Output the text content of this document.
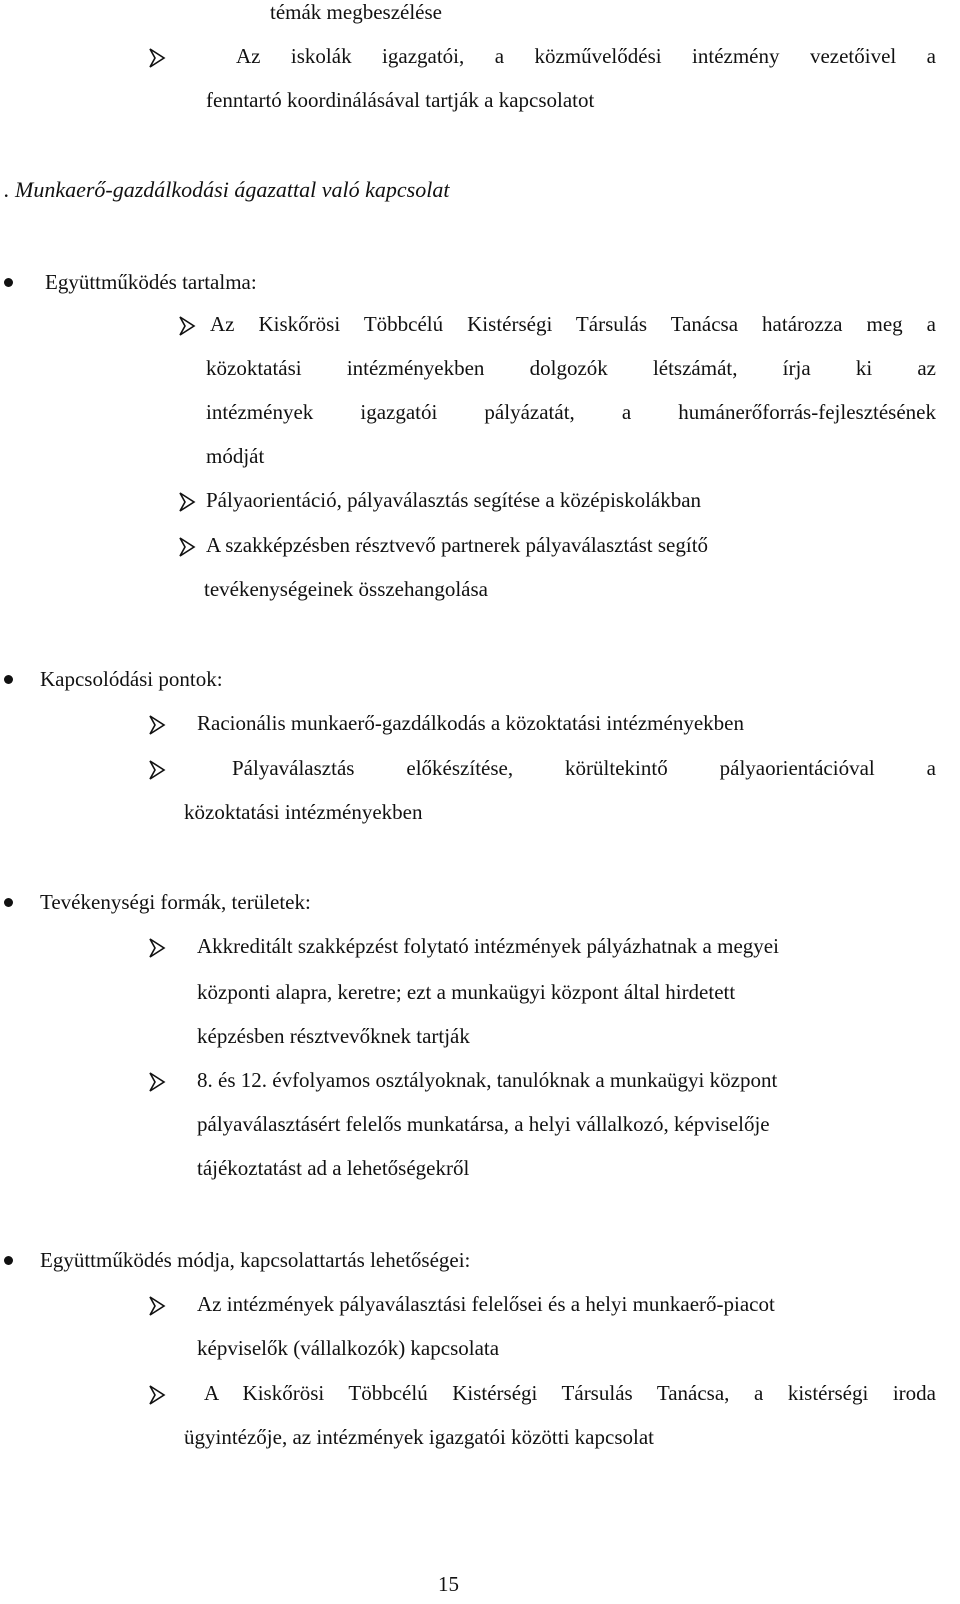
témák megbeszélése
Az iskolák igazgatói, a közművelődési intézmény vezetőivel a
fenntartó koordinálásával tartják a kapcsolatot
. Munkaerő-gazdálkodási ágazattal való kapcsolat
Együttműködés tartalma:
Az Kiskőrösi Többcélú Kistérségi Társulás Tanácsa határozza meg a
közoktatási intézményekben dolgozók létszámát, írja ki az
intézmények igazgatói pályázatát, a humánerőforrás-fejlesztésének
módját
Pályaorientáció, pályaválasztás segítése a középiskolákban
A szakképzésben résztvevő partnerek pályaválasztást segítő
tevékenységeinek összehangolása
Kapcsolódási pontok:
Racionális munkaerő-gazdálkodás a közoktatási intézményekben
Pályaválasztás előkészítése, körültekintő pályaorientációval a
közoktatási intézményekben
Tevékenységi formák, területek:
Akkreditált szakképzést folytató intézmények pályázhatnak a megyei
központi alapra, keretre; ezt a munkaügyi központ által hirdetett
képzésben résztvevőknek tartják
8. és 12. évfolyamos osztályoknak, tanulóknak a munkaügyi központ
pályaválasztásért felelős munkatársa, a helyi vállalkozó, képviselője
tájékoztatást ad a lehetőségekről
Együttműködés módja, kapcsolattartás lehetőségei:
Az intézmények pályaválasztási felelősei és a helyi munkaerő-piacot
képviselők (vállalkozók) kapcsolata
A Kiskőrösi Többcélú Kistérségi Társulás Tanácsa, a kistérségi iroda
ügyintézője, az intézmények igazgatói közötti kapcsolat
15
